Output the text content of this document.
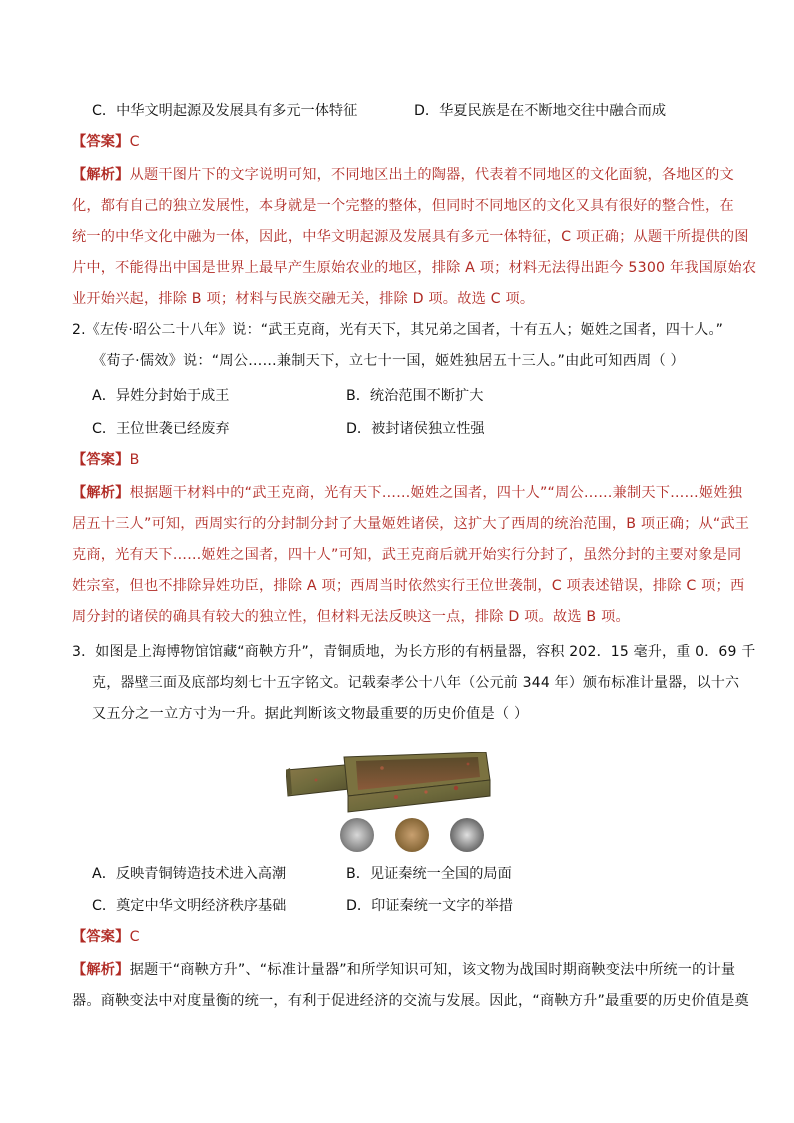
C．中华文明起源及发展具有多元一体特征	D．华夏民族是在不断地交往中融合而成
【答案】C
【解析】从题干图片下的文字说明可知，不同地区出土的陶器，代表着不同地区的文化面貌，各地区的文
化，都有自己的独立发展性，本身就是一个完整的整体，但同时不同地区的文化又具有很好的整合性，在
统一的中华文化中融为一体，因此，中华文明起源及发展具有多元一体特征，C 项正确；从题干所提供的图
片中，不能得出中国是世界上最早产生原始农业的地区，排除 A 项；材料无法得出距今 5300 年我国原始农
业开始兴起，排除 B 项；材料与民族交融无关，排除 D 项。故选 C 项。
2.《左传·昭公二十八年》说：“武王克商，光有天下，其兄弟之国者，十有五人；姬姓之国者，四十人。”
《荀子·儒效》说：“周公……兼制天下，立七十一国，姬姓独居五十三人。”由此可知西周（ ）
A．异姓分封始于成王	B．统治范围不断扩大
C．王位世袭已经废弃	D．被封诸侯独立性强
【答案】B
【解析】根据题干材料中的“武王克商，光有天下……姬姓之国者，四十人”“周公……兼制天下……姬姓独
居五十三人”可知，西周实行的分封制分封了大量姬姓诸侯，这扩大了西周的统治范围，B 项正确；从“武王
克商，光有天下……姬姓之国者，四十人”可知，武王克商后就开始实行分封了，虽然分封的主要对象是同
姓宗室，但也不排除异姓功臣，排除 A 项；西周当时依然实行王位世袭制，C 项表述错误，排除 C 项；西
周分封的诸侯的确具有较大的独立性，但材料无法反映这一点，排除 D 项。故选 B 项。
3．如图是上海博物馆馆藏“商鞅方升”，青铜质地，为长方形的有柄量器，容积 202．15 毫升，重 0．69 千
克，器壁三面及底部均刻七十五字铭文。记载秦孝公十八年（公元前 344 年）颁布标准计量器，以十六
又五分之一立方寸为一升。据此判断该文物最重要的历史价值是（ ）
A．反映青铜铸造技术进入高潮	B．见证秦统一全国的局面
C．奠定中华文明经济秩序基础	D．印证秦统一文字的举措
【答案】C
【解析】据题干“商鞅方升”、“标准计量器”和所学知识可知，该文物为战国时期商鞅变法中所统一的计量
器。商鞅变法中对度量衡的统一，有利于促进经济的交流与发展。因此，“商鞅方升”最重要的历史价值是奠
